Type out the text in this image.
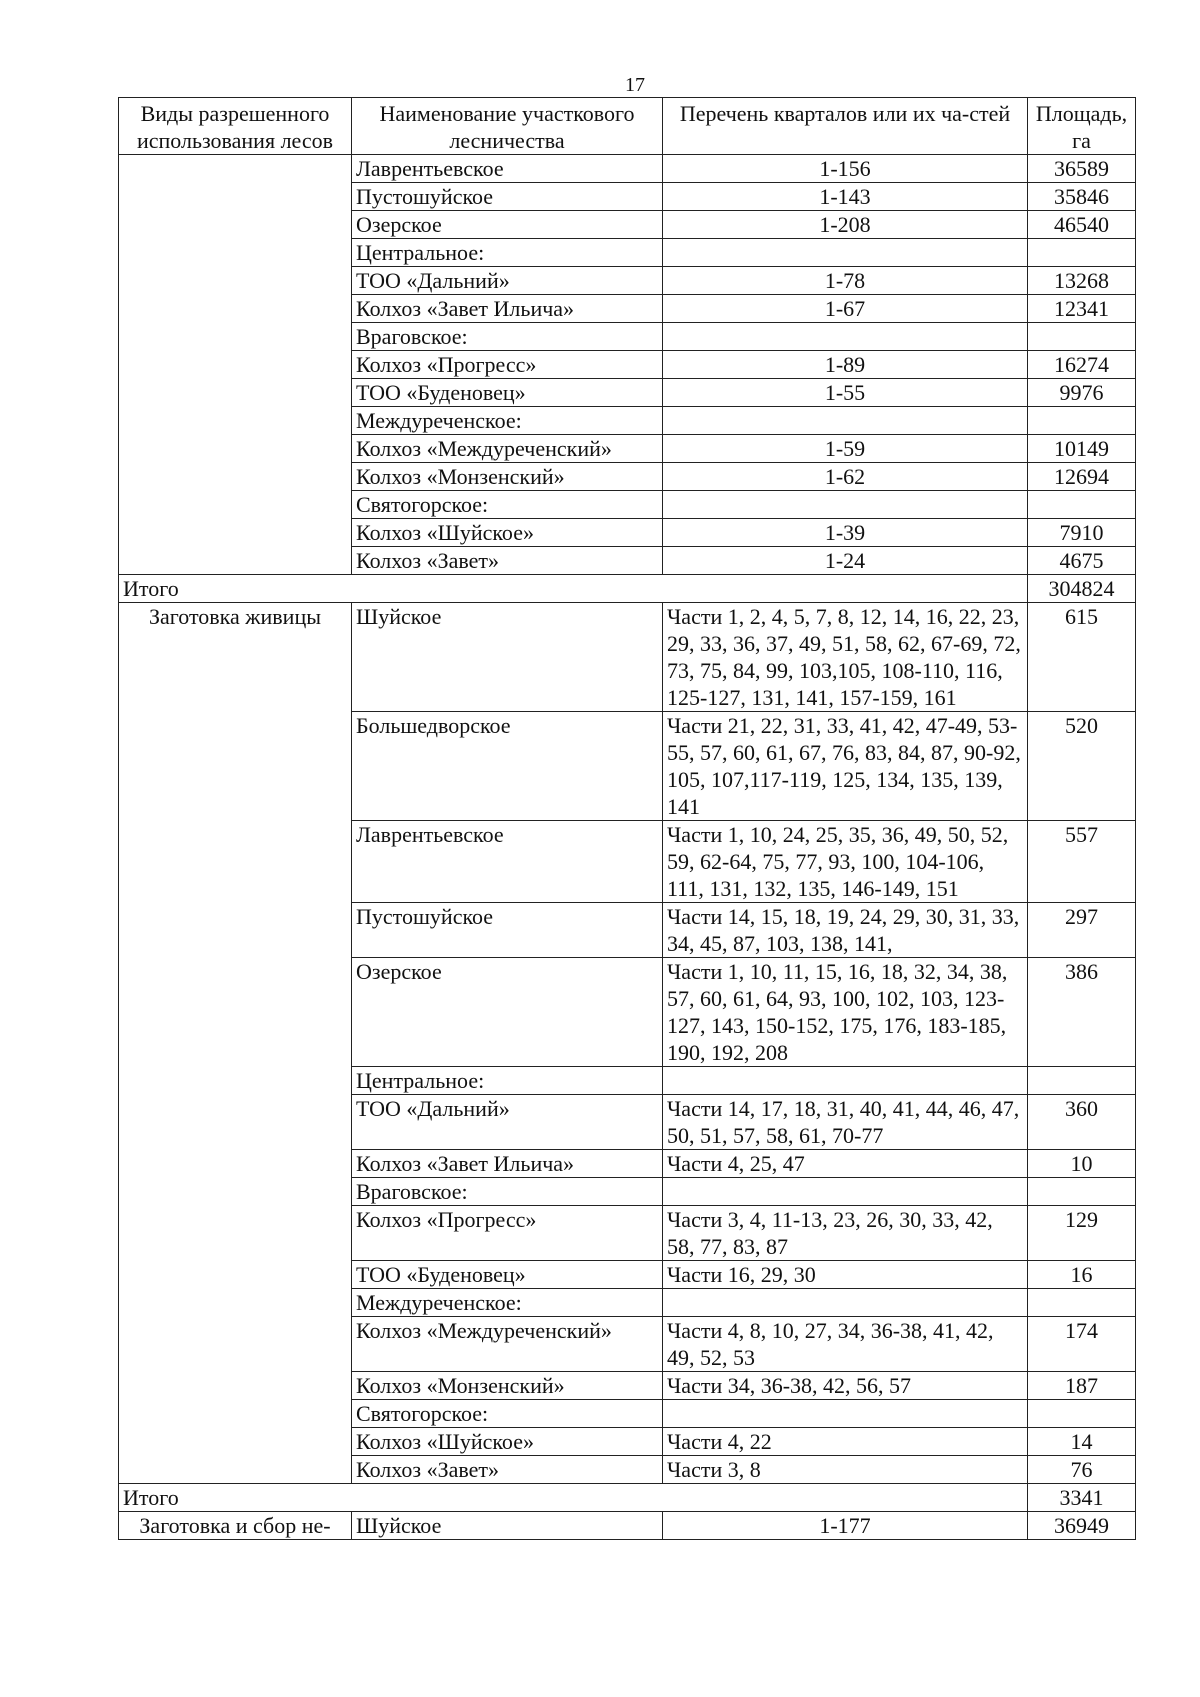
17
Виды разрешенного использования лесов	Наименование участкового лесничества	Перечень кварталов или их ча-стей	Площадь, га
	Лаврентьевское	1-156	36589
	Пустошуйское	1-143	35846
	Озерское	1-208	46540
	Центральное:		
	ТОО «Дальний»	1-78	13268
	Колхоз «Завет Ильича»	1-67	12341
	Враговское:		
	Колхоз «Прогресс»	1-89	16274
	ТОО «Буденовец»	1-55	9976
	Междуреченское:		
	Колхоз «Междуреченский»	1-59	10149
	Колхоз «Монзенский»	1-62	12694
	Святогорское:		
	Колхоз «Шуйское»	1-39	7910
	Колхоз «Завет»	1-24	4675
Итого			304824
Заготовка живицы	Шуйское	Части 1, 2, 4, 5, 7, 8, 12, 14, 16, 22, 23, 29, 33, 36, 37, 49, 51, 58, 62, 67-69, 72, 73, 75, 84, 99, 103,105, 108-110, 116, 125-127, 131, 141, 157-159, 161	615
	Большедворское	Части 21, 22, 31, 33, 41, 42, 47-49, 53-55, 57, 60, 61, 67, 76, 83, 84, 87, 90-92, 105, 107,117-119, 125, 134, 135, 139, 141	520
	Лаврентьевское	Части 1, 10, 24, 25, 35, 36, 49, 50, 52, 59, 62-64, 75, 77, 93, 100, 104-106, 111, 131, 132, 135, 146-149, 151	557
	Пустошуйское	Части 14, 15, 18, 19, 24, 29, 30, 31, 33, 34, 45, 87, 103, 138, 141,	297
	Озерское	Части 1, 10, 11, 15, 16, 18, 32, 34, 38, 57, 60, 61, 64, 93, 100, 102, 103, 123-127, 143, 150-152, 175, 176, 183-185, 190, 192, 208	386
	Центральное:		
	ТОО «Дальний»	Части 14, 17, 18, 31, 40, 41, 44, 46, 47, 50, 51, 57, 58, 61, 70-77	360
	Колхоз «Завет Ильича»	Части 4, 25, 47	10
	Враговское:		
	Колхоз «Прогресс»	Части 3, 4, 11-13, 23, 26, 30, 33, 42, 58, 77, 83, 87	129
	ТОО «Буденовец»	Части 16, 29, 30	16
	Междуреченское:		
	Колхоз «Междуреченский»	Части 4, 8, 10, 27, 34, 36-38, 41, 42, 49, 52, 53	174
	Колхоз «Монзенский»	Части 34, 36-38, 42, 56, 57	187
	Святогорское:		
	Колхоз «Шуйское»	Части 4, 22	14
	Колхоз «Завет»	Части 3, 8	76
Итого			3341
Заготовка и сбор не-	Шуйское	1-177	36949
